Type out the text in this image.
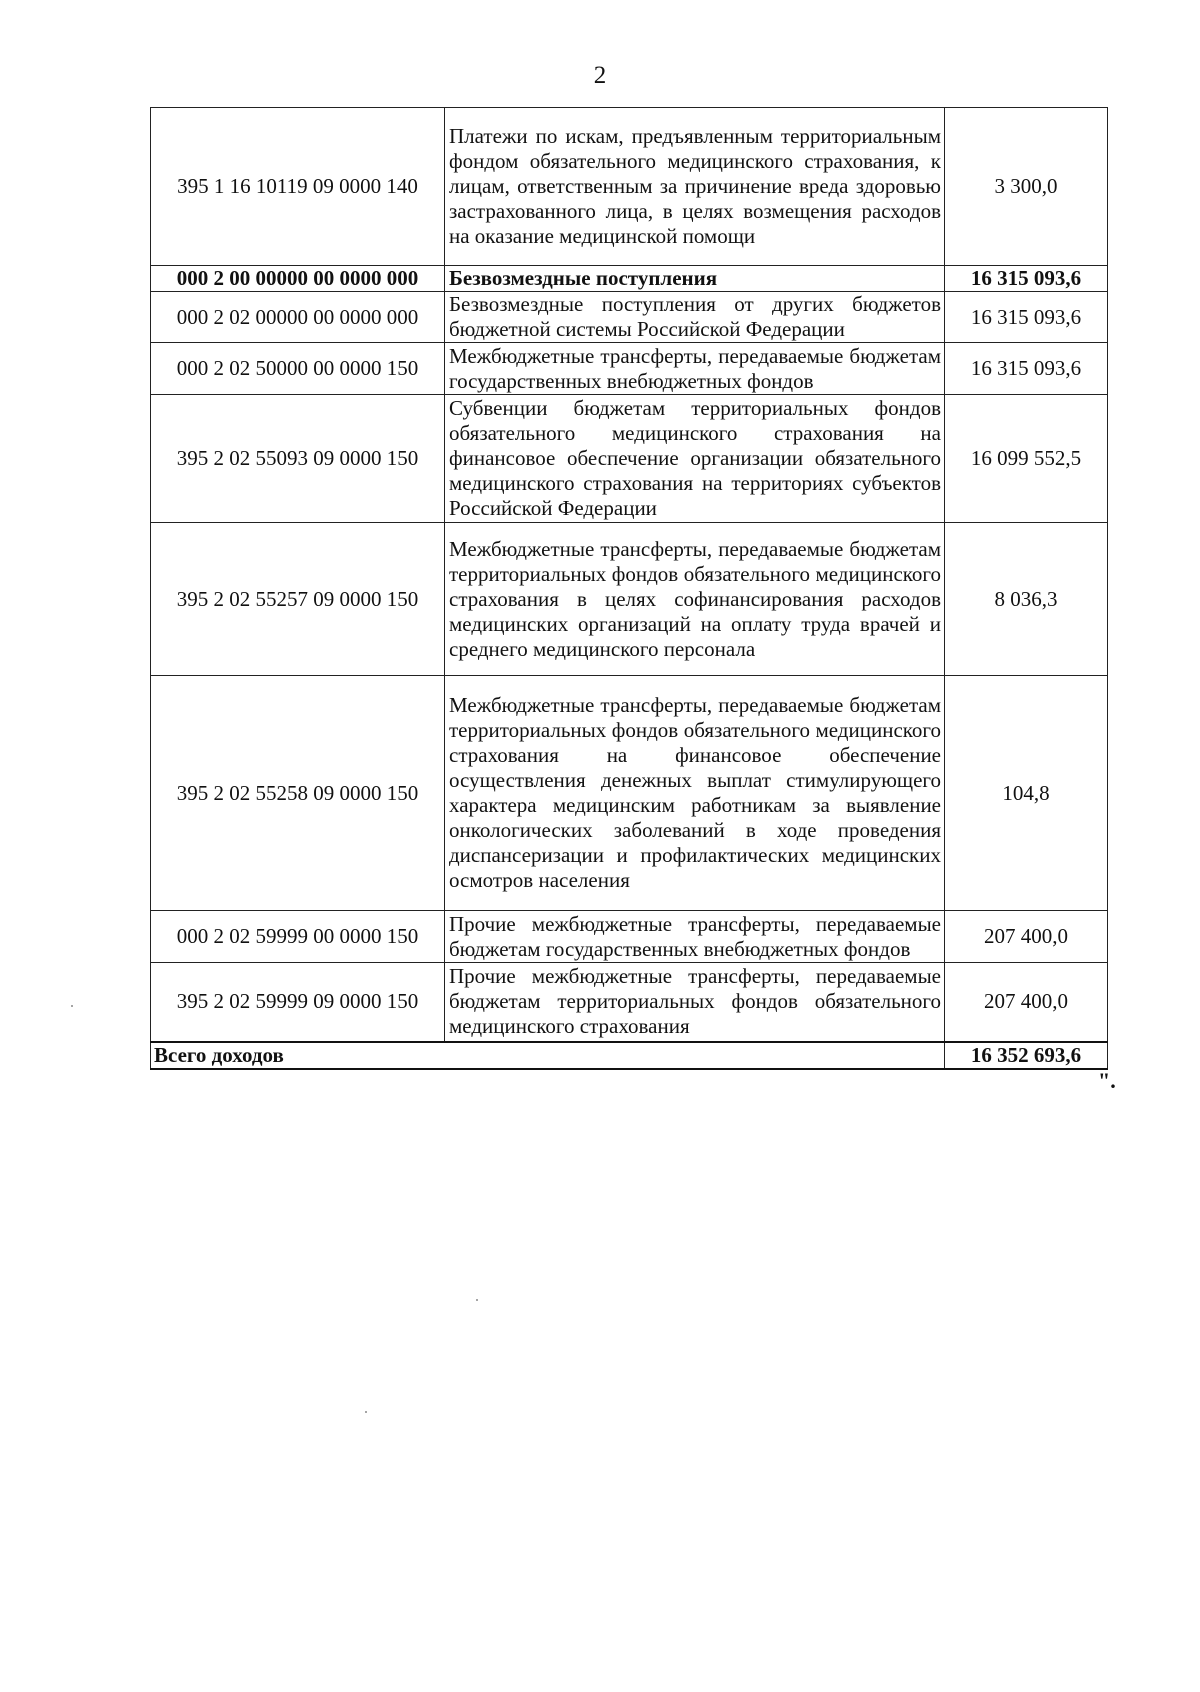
2
395 1 16 10119 09 0000 140	Платежи по искам, предъявленным территориальным фондом обязательного медицинского страхования, к лицам, ответственным за причинение вреда здоровью застрахованного лица, в целях возмещения расходов на оказание медицинской помощи	3 300,0
000 2 00 00000 00 0000 000	Безвозмездные поступления	16 315 093,6
000 2 02 00000 00 0000 000	Безвозмездные поступления от других бюджетов бюджетной системы Российской Федерации	16 315 093,6
000 2 02 50000 00 0000 150	Межбюджетные трансферты, передаваемые бюджетам государственных внебюджетных фондов	16 315 093,6
395 2 02 55093 09 0000 150	Субвенции бюджетам территориальных фондов обязательного медицинского страхования на финансовое обеспечение организации обязательного медицинского страхования на территориях субъектов Российской Федерации	16 099 552,5
395 2 02 55257 09 0000 150	Межбюджетные трансферты, передаваемые бюджетам территориальных фондов обязательного медицинского страхования в целях софинансирования расходов медицинских организаций на оплату труда врачей и среднего медицинского персонала	8 036,3
395 2 02 55258 09 0000 150	Межбюджетные трансферты, передаваемые бюджетам территориальных фондов обязательного медицинского страхования на финансовое обеспечение осуществления денежных выплат стимулирующего характера медицинским работникам за выявление онкологических заболеваний в ходе проведения диспансеризации и профилактических медицинских осмотров населения	104,8
000 2 02 59999 00 0000 150	Прочие межбюджетные трансферты, передаваемые бюджетам государственных внебюджетных фондов	207 400,0
395 2 02 59999 09 0000 150	Прочие межбюджетные трансферты, передаваемые бюджетам территориальных фондов обязательного медицинского страхования	207 400,0
Всего доходов		16 352 693,6
".
